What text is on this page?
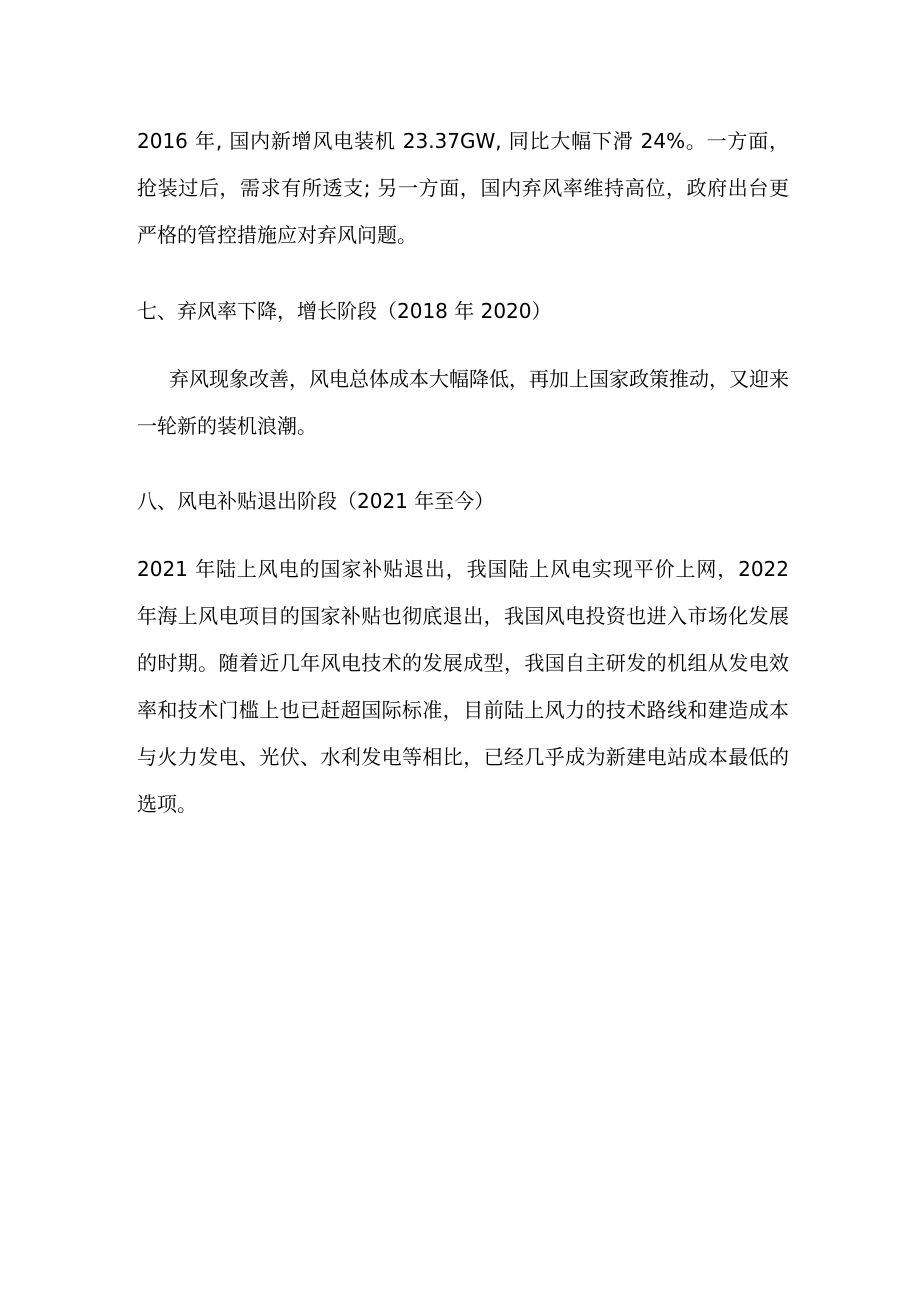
2016 年, 国内新增风电装机 23.37GW, 同比大幅下滑 24%。一方面，抢装过后，需求有所透支; 另一方面，国内弃风率维持高位，政府出台更严格的管控措施应对弃风问题。

七、弃风率下降，增长阶段（2018 年 2020）

弃风现象改善，风电总体成本大幅降低，再加上国家政策推动，又迎来一轮新的装机浪潮。

八、风电补贴退出阶段（2021 年至今）

2021 年陆上风电的国家补贴退出，我国陆上风电实现平价上网，2022 年海上风电项目的国家补贴也彻底退出，我国风电投资也进入市场化发展的时期。随着近几年风电技术的发展成型，我国自主研发的机组从发电效率和技术门槛上也已赶超国际标准，目前陆上风力的技术路线和建造成本与火力发电、光伏、水利发电等相比，已经几乎成为新建电站成本最低的选项。
